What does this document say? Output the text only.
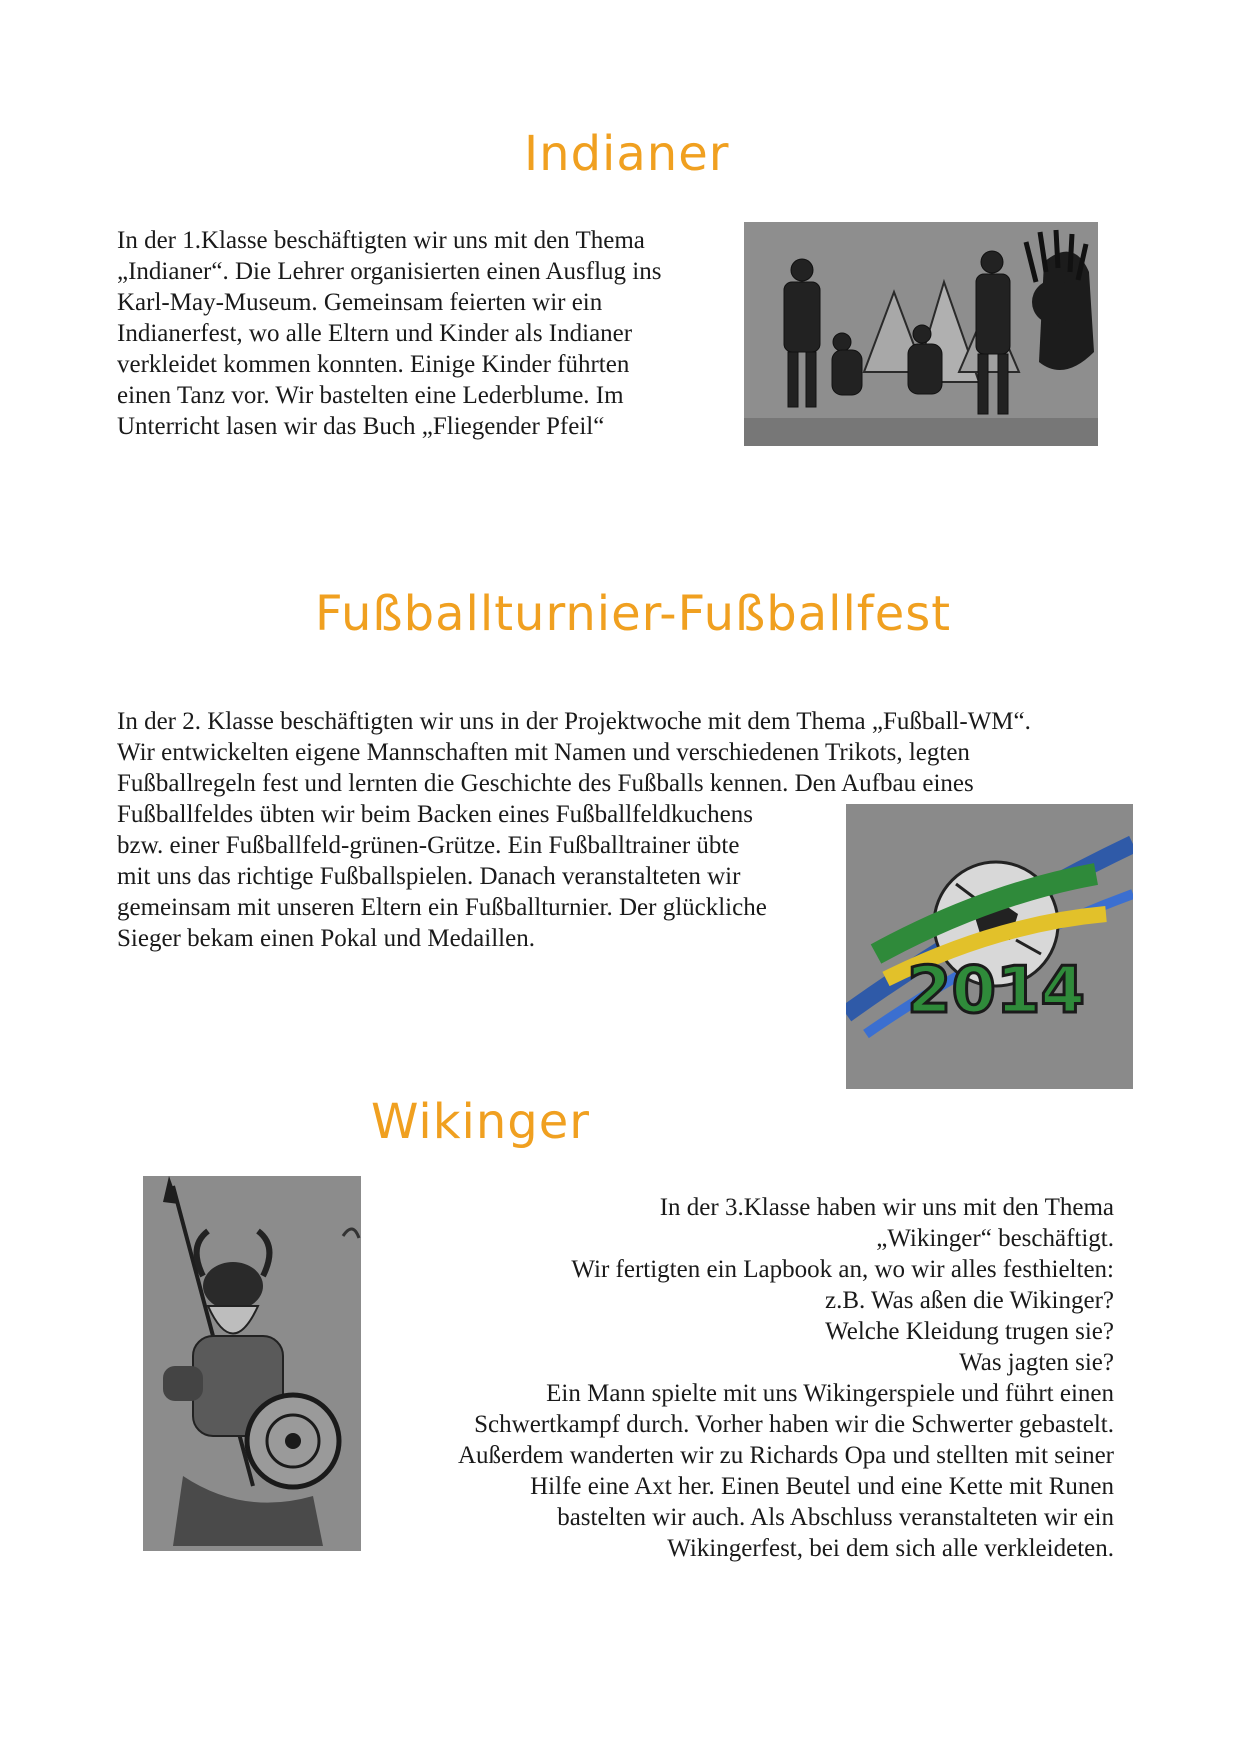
Indianer
In der 1.Klasse beschäftigten wir uns mit den Thema
„Indianer“. Die Lehrer organisierten einen Ausflug ins
Karl-May-Museum. Gemeinsam feierten wir ein
Indianerfest, wo alle Eltern und Kinder als Indianer
verkleidet kommen konnten. Einige Kinder führten
einen Tanz vor. Wir bastelten eine Lederblume. Im
Unterricht lasen wir das Buch „Fliegender Pfeil“
Fußballturnier-Fußballfest
In der 2. Klasse beschäftigten wir uns in der Projektwoche mit dem Thema „Fußball-WM“.
Wir entwickelten eigene Mannschaften mit Namen und verschiedenen Trikots, legten
Fußballregeln fest und lernten die Geschichte des Fußballs kennen. Den Aufbau eines
Fußballfeldes übten wir beim Backen eines Fußballfeldkuchens
bzw. einer Fußballfeld-grünen-Grütze. Ein Fußballtrainer übte
mit uns das richtige Fußballspielen. Danach veranstalteten wir
gemeinsam mit unseren Eltern ein Fußballturnier. Der glückliche
Sieger bekam einen Pokal und Medaillen.
2014
Wikinger
In der 3.Klasse haben wir uns mit den Thema
„Wikinger“ beschäftigt.
Wir fertigten ein Lapbook an, wo wir alles festhielten:
z.B. Was aßen die Wikinger?
Welche Kleidung trugen sie?
Was jagten sie?
Ein Mann spielte mit uns Wikingerspiele und führt einen
Schwertkampf durch. Vorher haben wir die Schwerter gebastelt.
Außerdem wanderten wir zu Richards Opa und stellten mit seiner
Hilfe eine Axt her. Einen Beutel und eine Kette mit Runen
bastelten wir auch. Als Abschluss veranstalteten wir ein
Wikingerfest, bei dem sich alle verkleideten.
